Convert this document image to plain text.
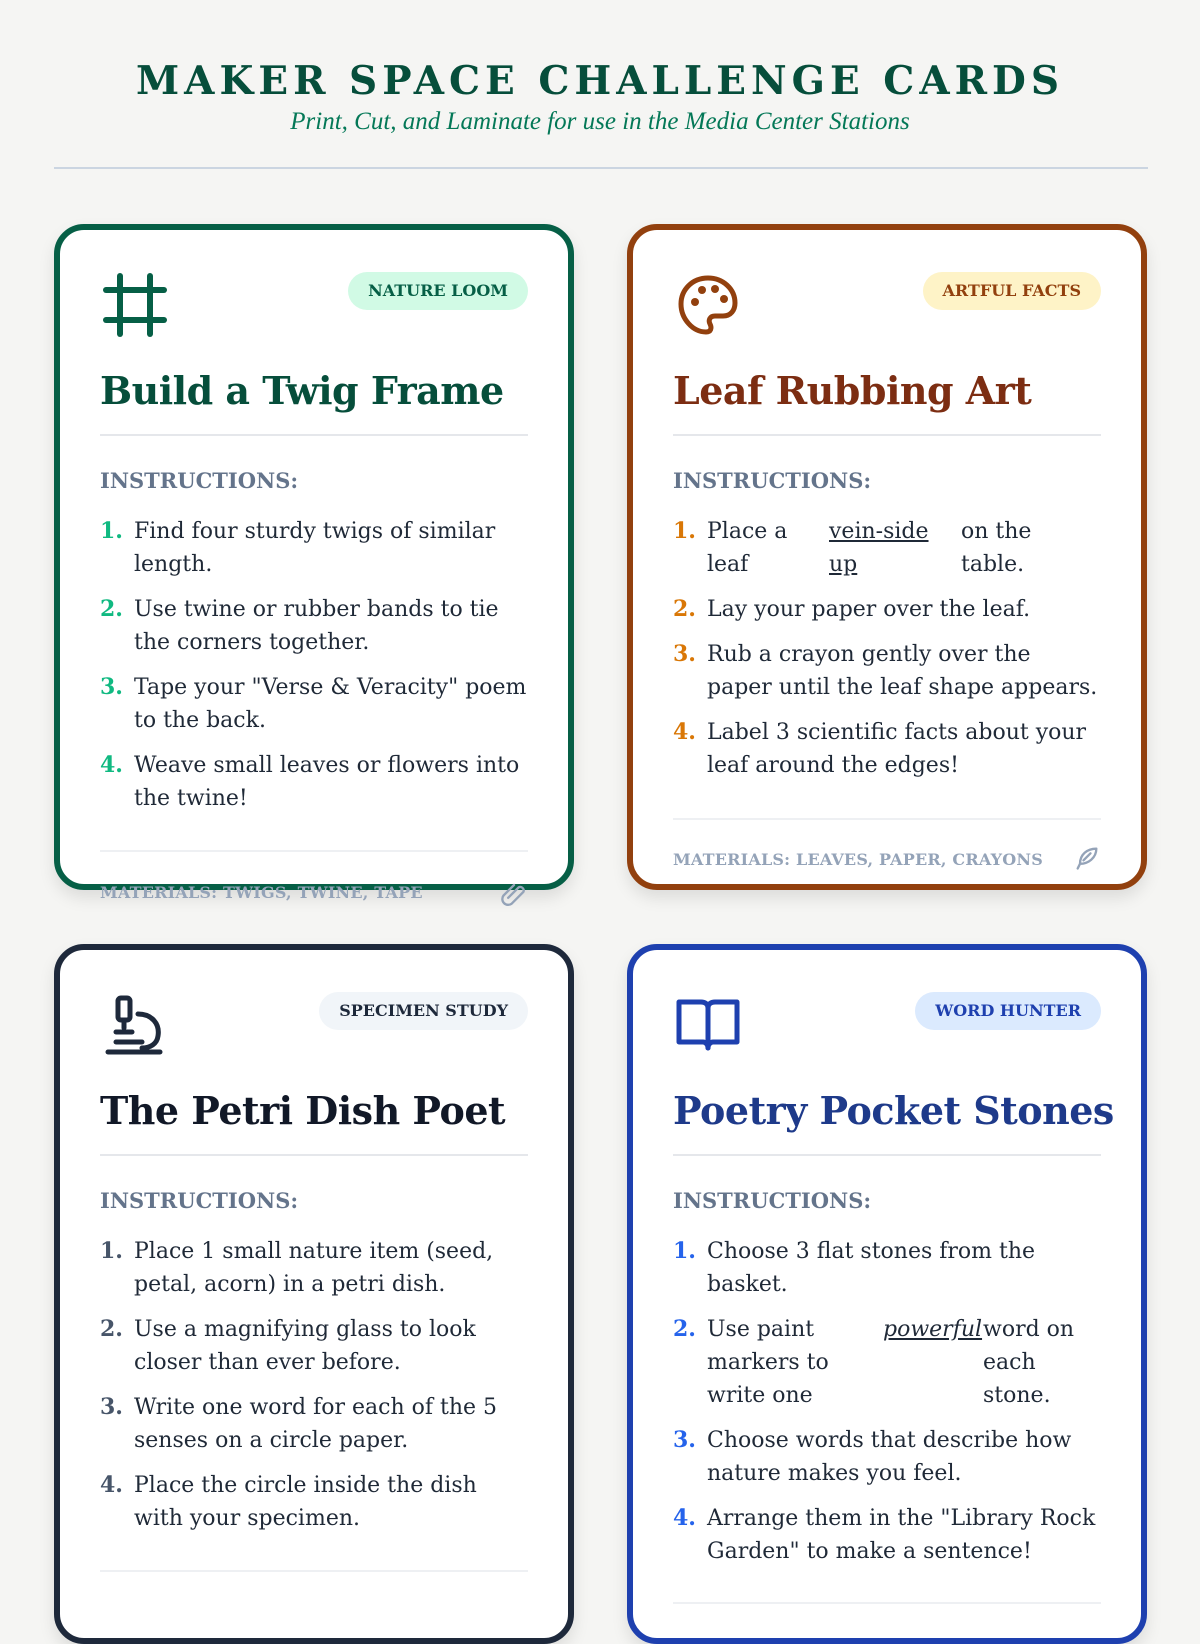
MAKER SPACE CHALLENGE CARDS
Print, Cut, and Laminate for use in the Media Center Stations
NATURE LOOM
Build a Twig Frame
INSTRUCTIONS:
1. Find four sturdy twigs of similar length.
2. Use twine or rubber bands to tie the corners together.
3. Tape your "Verse & Veracity" poem to the back.
4. Weave small leaves or flowers into the twine!
MATERIALS: TWIGS, TWINE, TAPE
ARTFUL FACTS
Leaf Rubbing Art
INSTRUCTIONS:
1. Place a leaf
vein-side up
on the table.
2. Lay your paper over the leaf.
3. Rub a crayon gently over the paper until the leaf shape appears.
4. Label 3 scientific facts about your leaf around the edges!
MATERIALS: LEAVES, PAPER, CRAYONS
SPECIMEN STUDY
The Petri Dish Poet
INSTRUCTIONS:
1. Place 1 small nature item (seed, petal, acorn) in a petri dish.
2. Use a magnifying glass to look closer than ever before.
3. Write one word for each of the 5 senses on a circle paper.
4. Place the circle inside the dish with your specimen.
WORD HUNTER
Poetry Pocket Stones
INSTRUCTIONS:
1. Choose 3 flat stones from the basket.
2. Use paint markers to write one
powerful word on each stone.
3. Choose words that describe how nature makes you feel.
4. Arrange them in the "Library Rock Garden" to make a sentence!
